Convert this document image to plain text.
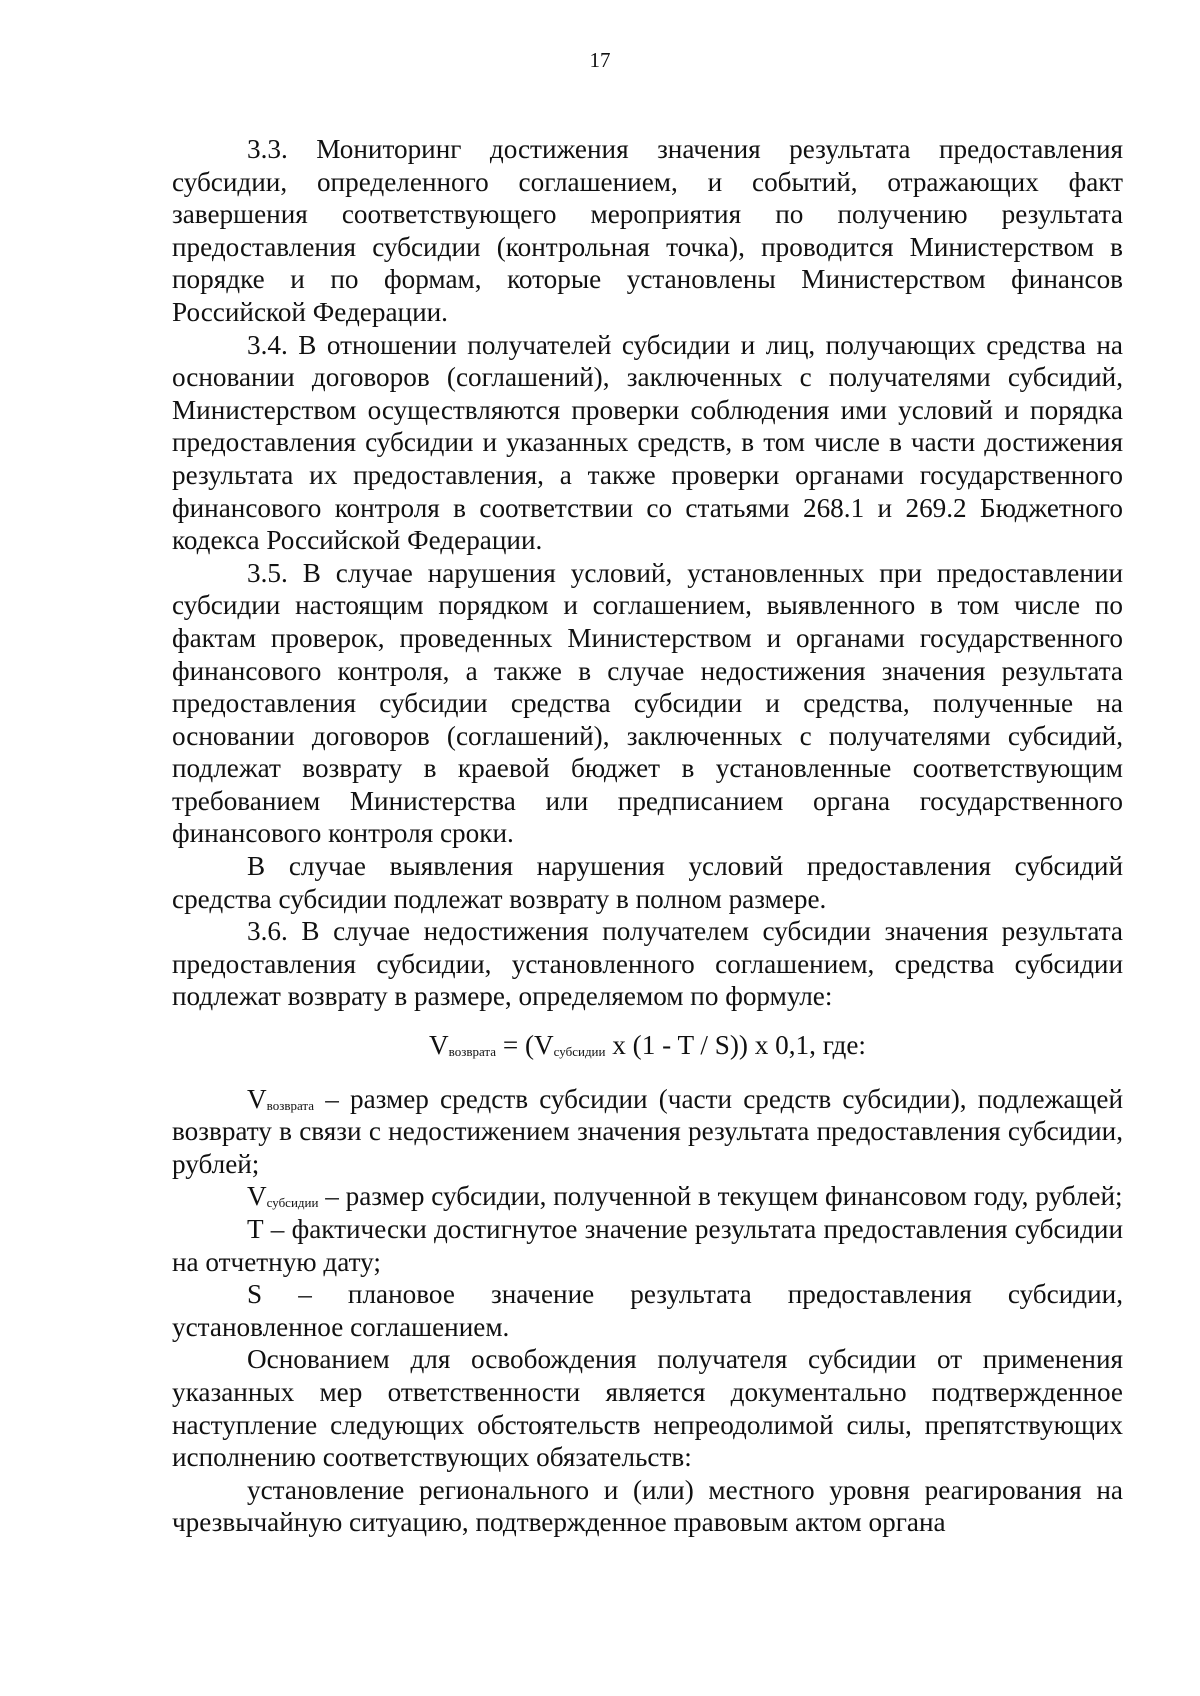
17

3.3. Мониторинг достижения значения результата предоставления субсидии, определенного соглашением, и событий, отражающих факт завершения соответствующего мероприятия по получению результата предоставления субсидии (контрольная точка), проводится Министерством в порядке и по формам, которые установлены Министерством финансов Российской Федерации.

3.4. В отношении получателей субсидии и лиц, получающих средства на основании договоров (соглашений), заключенных с получателями субсидий, Министерством осуществляются проверки соблюдения ими условий и порядка предоставления субсидии и указанных средств, в том числе в части достижения результата их предоставления, а также проверки органами государственного финансового контроля в соответствии со статьями 268.1 и 269.2 Бюджетного кодекса Российской Федерации.

3.5. В случае нарушения условий, установленных при предоставлении субсидии настоящим порядком и соглашением, выявленного в том числе по фактам проверок, проведенных Министерством и органами государственного финансового контроля, а также в случае недостижения значения результата предоставления субсидии средства субсидии и средства, полученные на основании договоров (соглашений), заключенных с получателями субсидий, подлежат возврату в краевой бюджет в установленные соответствующим требованием Министерства или предписанием органа государственного финансового контроля сроки.

В случае выявления нарушения условий предоставления субсидий средства субсидии подлежат возврату в полном размере.

3.6. В случае недостижения получателем субсидии значения результата предоставления субсидии, установленного соглашением, средства субсидии подлежат возврату в размере, определяемом по формуле:

$V_{возврата} = (V_{субсидии}$ x (1 - T / S)) x 0,1, где:

$V_{возврата}$ – размер средств субсидии (части средств субсидии), подлежащей возврату в связи с недостижением значения результата предоставления субсидии, рублей;

$V_{субсидии}$ – размер субсидии, полученной в текущем финансовом году, рублей;

Т – фактически достигнутое значение результата предоставления субсидии на отчетную дату;

S – плановое значение результата предоставления субсидии, установленное соглашением.

Основанием для освобождения получателя субсидии от применения указанных мер ответственности является документально подтвержденное наступление следующих обстоятельств непреодолимой силы, препятствующих исполнению соответствующих обязательств:

установление регионального и (или) местного уровня реагирования на чрезвычайную ситуацию, подтвержденное правовым актом органа
